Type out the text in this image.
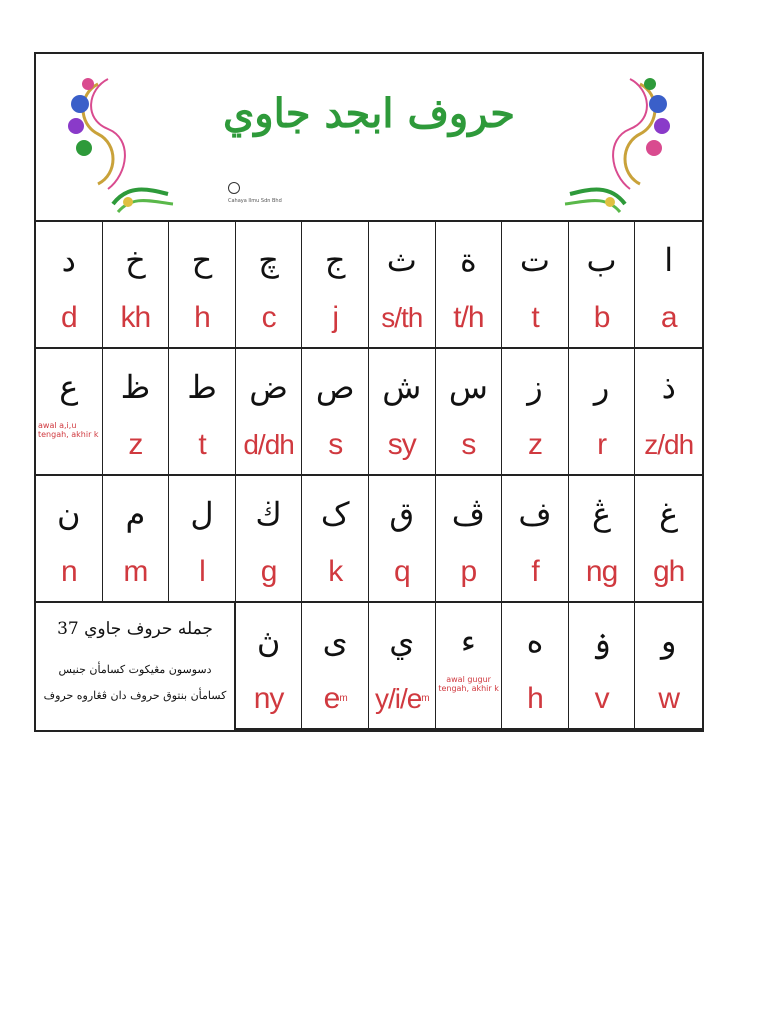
حروف ابجد جاوي
Cahaya Ilmu Sdn Bhd
ا
a
ب
b
ت
t
ة
t/h
ث
s/th
ج
j
چ
c
ح
h
خ
kh
د
d
ذ
z/dh
ر
r
ز
z
س
s
ش
sy
ص
s
ض
d/dh
ط
t
ظ
z
ع
awal a,i,u tengah, akhir k
غ
gh
ڠ
ng
ف
f
ڤ
p
ق
q
ک
k
ڬ
g
ل
l
م
m
ن
n
و
w
ۏ
v
ه
h
ء
awal gugur tengah, akhir k
ي
$y/i/e^m$
ى
$e^m$
ڽ
ny
جمله حروف جاوي 37
دسوسون مڠيکوت کسامأن جنيس
کسامأن بنتوق حروف دان ڤڠاروه حروف
